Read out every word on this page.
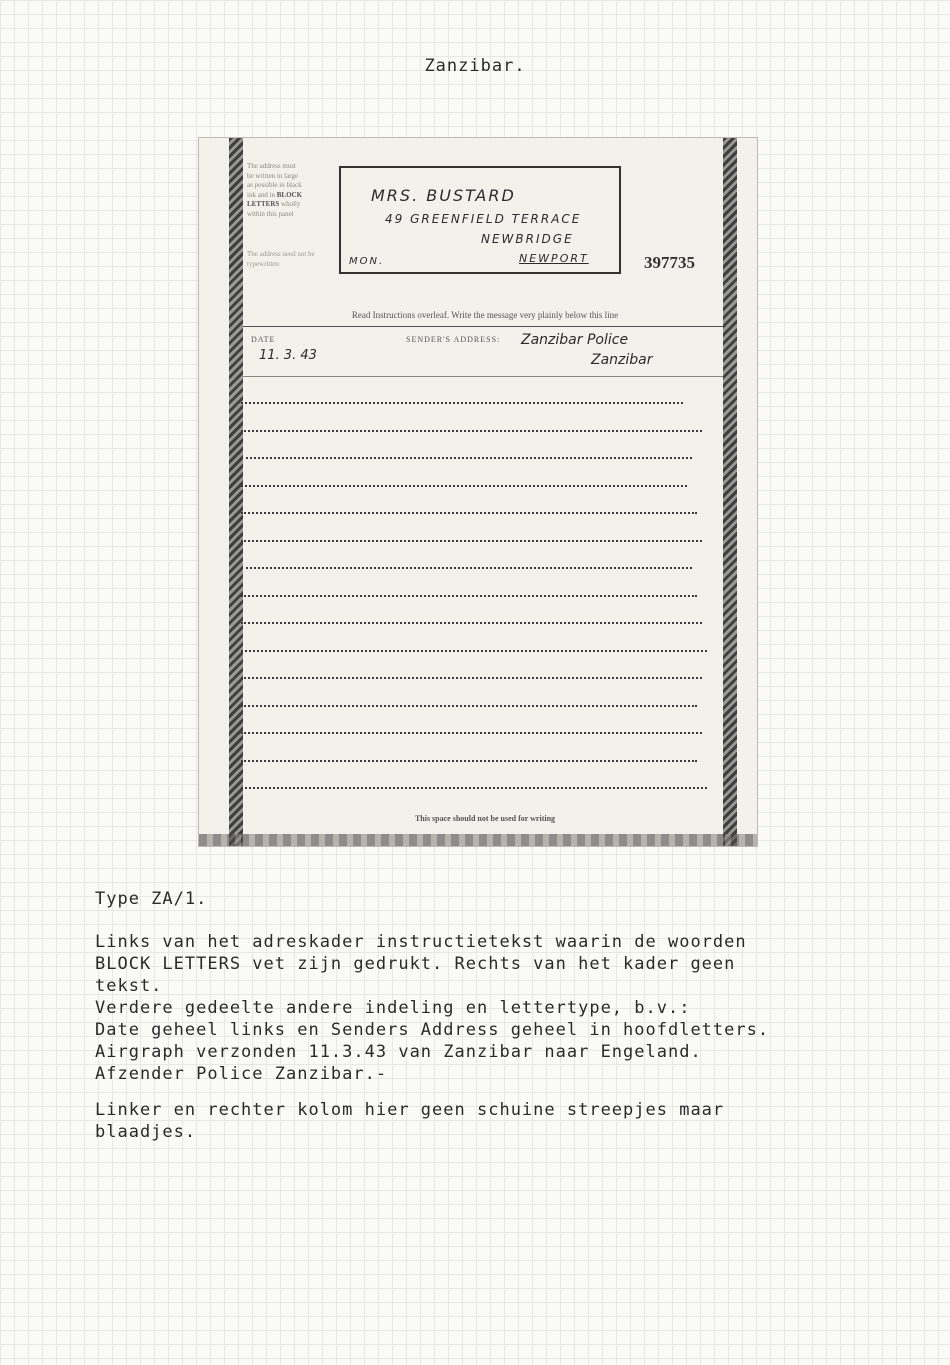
Zanzibar.
The address must
be written in large
as possible in black
ink and in BLOCK
LETTERS wholly
within this panel
The address need not be typewritten
MRS. BUSTARD
49 GREENFIELD TERRACE
NEWBRIDGE
MON.	NEWPORT	397735
Read Instructions overleaf. Write the message very plainly below this line
DATE
11. 3. 43
SENDER'S ADDRESS: Zanzibar Police
Zanzibar
This space should not be used for writing
Type ZA/1.

Links van het adreskader instructietekst waarin de woorden

BLOCK LETTERS vet zijn gedrukt. Rechts van het kader geen

tekst.

Verdere gedeelte andere indeling en lettertype, b.v.:

Date geheel links en Senders Address geheel in hoofdletters.

Airgraph verzonden 11.3.43 van Zanzibar naar Engeland.

Afzender Police Zanzibar.-

Linker en rechter kolom hier geen schuine streepjes maar

blaadjes.
